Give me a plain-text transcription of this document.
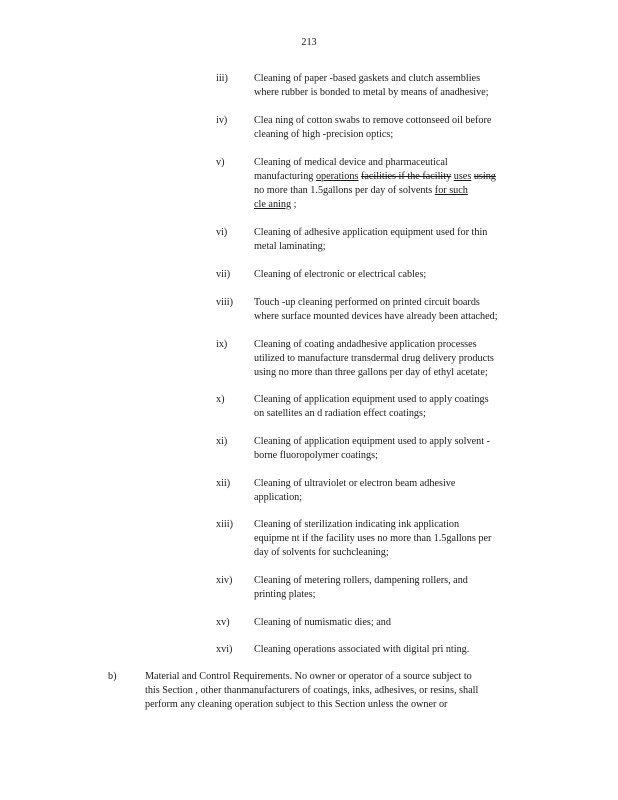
213
iii)	Cleaning of paper -based gaskets and clutch assemblies
where rubber is bonded to metal by means of anadhesive;
iv)	Clea ning of cotton swabs to remove cottonseed oil before
cleaning of high -precision optics;
v)	Cleaning of medical device and pharmaceutical
manufacturing operations facilities if the facility uses using
no more than 1.5gallons per day of solvents for such
cle aning ;
vi)	Cleaning of adhesive application equipment used for thin
metal laminating;
vii) Cleaning of electronic or electrical cables;
viii) Touch -up cleaning performed on printed circuit boards
where surface mounted devices have already been attached;
ix)	Cleaning of coating andadhesive application processes
utilized to manufacture transdermal drug delivery products
using no more than three gallons per day of ethyl acetate;
x)	Cleaning of application equipment used to apply coatings
on satellites an d radiation effect coatings;
xi)	Cleaning of application equipment used to apply solvent -
borne fluoropolymer coatings;
xii) Cleaning of ultraviolet or electron beam adhesive
application;
xiii) Cleaning of sterilization indicating ink application
equipme nt if the facility uses no more than 1.5gallons per
day of solvents for suchcleaning;
xiv) Cleaning of metering rollers, dampening rollers, and
printing plates;
xv) Cleaning of numismatic dies; and
xvi) Cleaning operations associated with digital pri nting.
b)	Material and Control Requirements. No owner or operator of a source subject to
this Section , other thanmanufacturers of coatings, inks, adhesives, or resins, shall
perform any cleaning operation subject to this Section unless the owner or
